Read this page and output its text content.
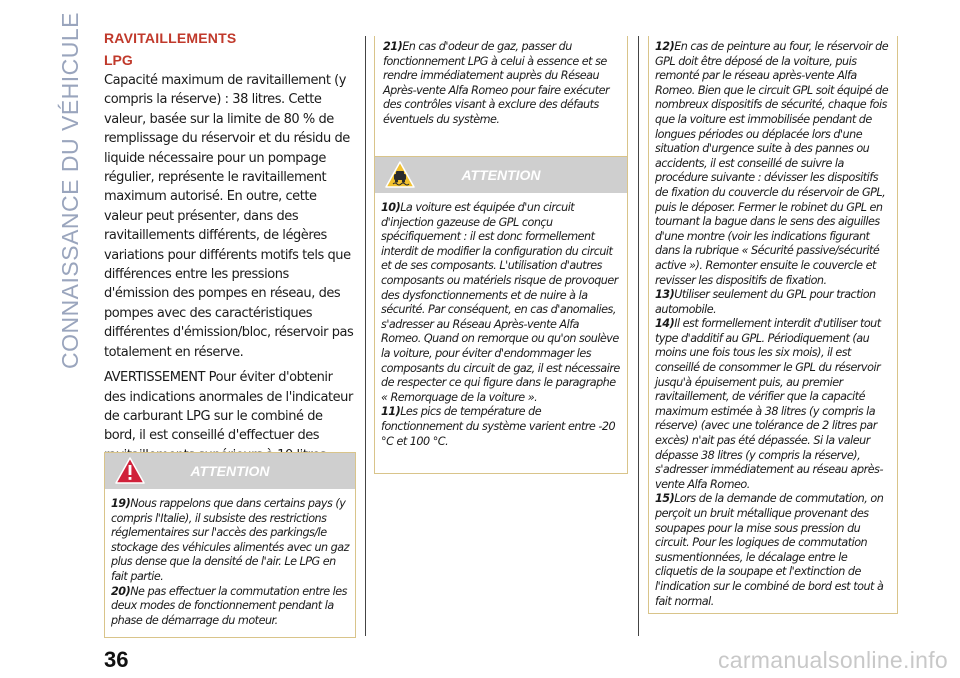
CONNAISSANCE DU VÉHICULE RAVITAILLEMENTS
LPG

Capacité maximum de ravitaillement (y compris la réserve) : 38 litres. Cette valeur, basée sur la limite de 80 % de remplissage du réservoir et du résidu de liquide nécessaire pour un pompage régulier, représente le ravitaillement maximum autorisé. En outre, cette valeur peut présenter, dans des ravitaillements différents, de légères variations pour différents motifs tels que différences entre les pressions d'émission des pompes en réseau, des pompes avec des caractéristiques différentes d'émission/bloc, réservoir pas totalement en réserve.

AVERTISSEMENT Pour éviter d'obtenir des indications anormales de l'indicateur de carburant LPG sur le combiné de bord, il est conseillé d'effectuer des

ATTENTION

19)Nous rappelons que dans certains pays (y compris l'Italie), il subsiste des restrictions réglementaires sur l'accès des parkings/le stockage des véhicules alimentés avec un gaz plus dense que la densité de l'air. Le LPG en fait partie.

20)Ne pas effectuer la commutation entre les deux modes de fonctionnement pendant la phase de démarrage du moteur.

21)En cas d'odeur de gaz, passer du fonctionnement LPG à celui à essence et se rendre immédiatement auprès du Réseau Après-vente Alfa Romeo pour faire exécuter des contrôles visant à exclure des défauts éventuels du système.

ATTENTION

10)La voiture est équipée d'un circuit d'injection gazeuse de GPL conçu spécifiquement : il est donc formellement interdit de modifier la configuration du circuit et de ses composants. L'utilisation d'autres composants ou matériels risque de provoquer des dysfonctionnements et de nuire à la sécurité. Par conséquent, en cas d'anomalies, s'adresser au Réseau Après-vente Alfa Romeo. Quand on remorque ou qu'on soulève la voiture, pour éviter d'endommager les composants du circuit de gaz, il est nécessaire de respecter ce qui figure dans le paragraphe « Remorquage de la voiture ».

11)Les pics de température de fonctionnement du système varient entre -20 °C et 100 °C.

12)En cas de peinture au four, le réservoir de GPL doit être déposé de la voiture, puis remonté par le réseau après-vente Alfa Romeo. Bien que le circuit GPL soit équipé de nombreux dispositifs de sécurité, chaque fois que la voiture est immobilisée pendant de longues périodes ou déplacée lors d'une situation d'urgence suite à des pannes ou accidents, il est conseillé de suivre la procédure suivante : dévisser les dispositifs de fixation du couvercle du réservoir de GPL, puis le déposer. Fermer le robinet du GPL en tournant la bague dans le sens des aiguilles d'une montre (voir les indications figurant dans la rubrique « Sécurité passive/sécurité active »). Remonter ensuite le couvercle et revisser les dispositifs de fixation.

13)Utiliser seulement du GPL pour traction automobile.

14)Il est formellement interdit d'utiliser tout type d'additif au GPL. Périodiquement (au moins une fois tous les six mois), il est conseillé de consommer le GPL du réservoir jusqu'à épuisement puis, au premier ravitaillement, de vérifier que la capacité maximum estimée à 38 litres (y compris la réserve) (avec une tolérance de 2 litres par excès) n'ait pas été dépassée. Si la valeur dépasse 38 litres (y compris la réserve), s'adresser immédiatement au réseau après-vente Alfa Romeo.

15)Lors de la demande de commutation, on perçoit un bruit métallique provenant des soupapes pour la mise sous pression du circuit. Pour les logiques de commutation susmentionnées, le décalage entre le cliquetis de la soupape et l'extinction de l'indication sur le combiné de bord est tout à fait normal.

36	carmanualsonline.info
